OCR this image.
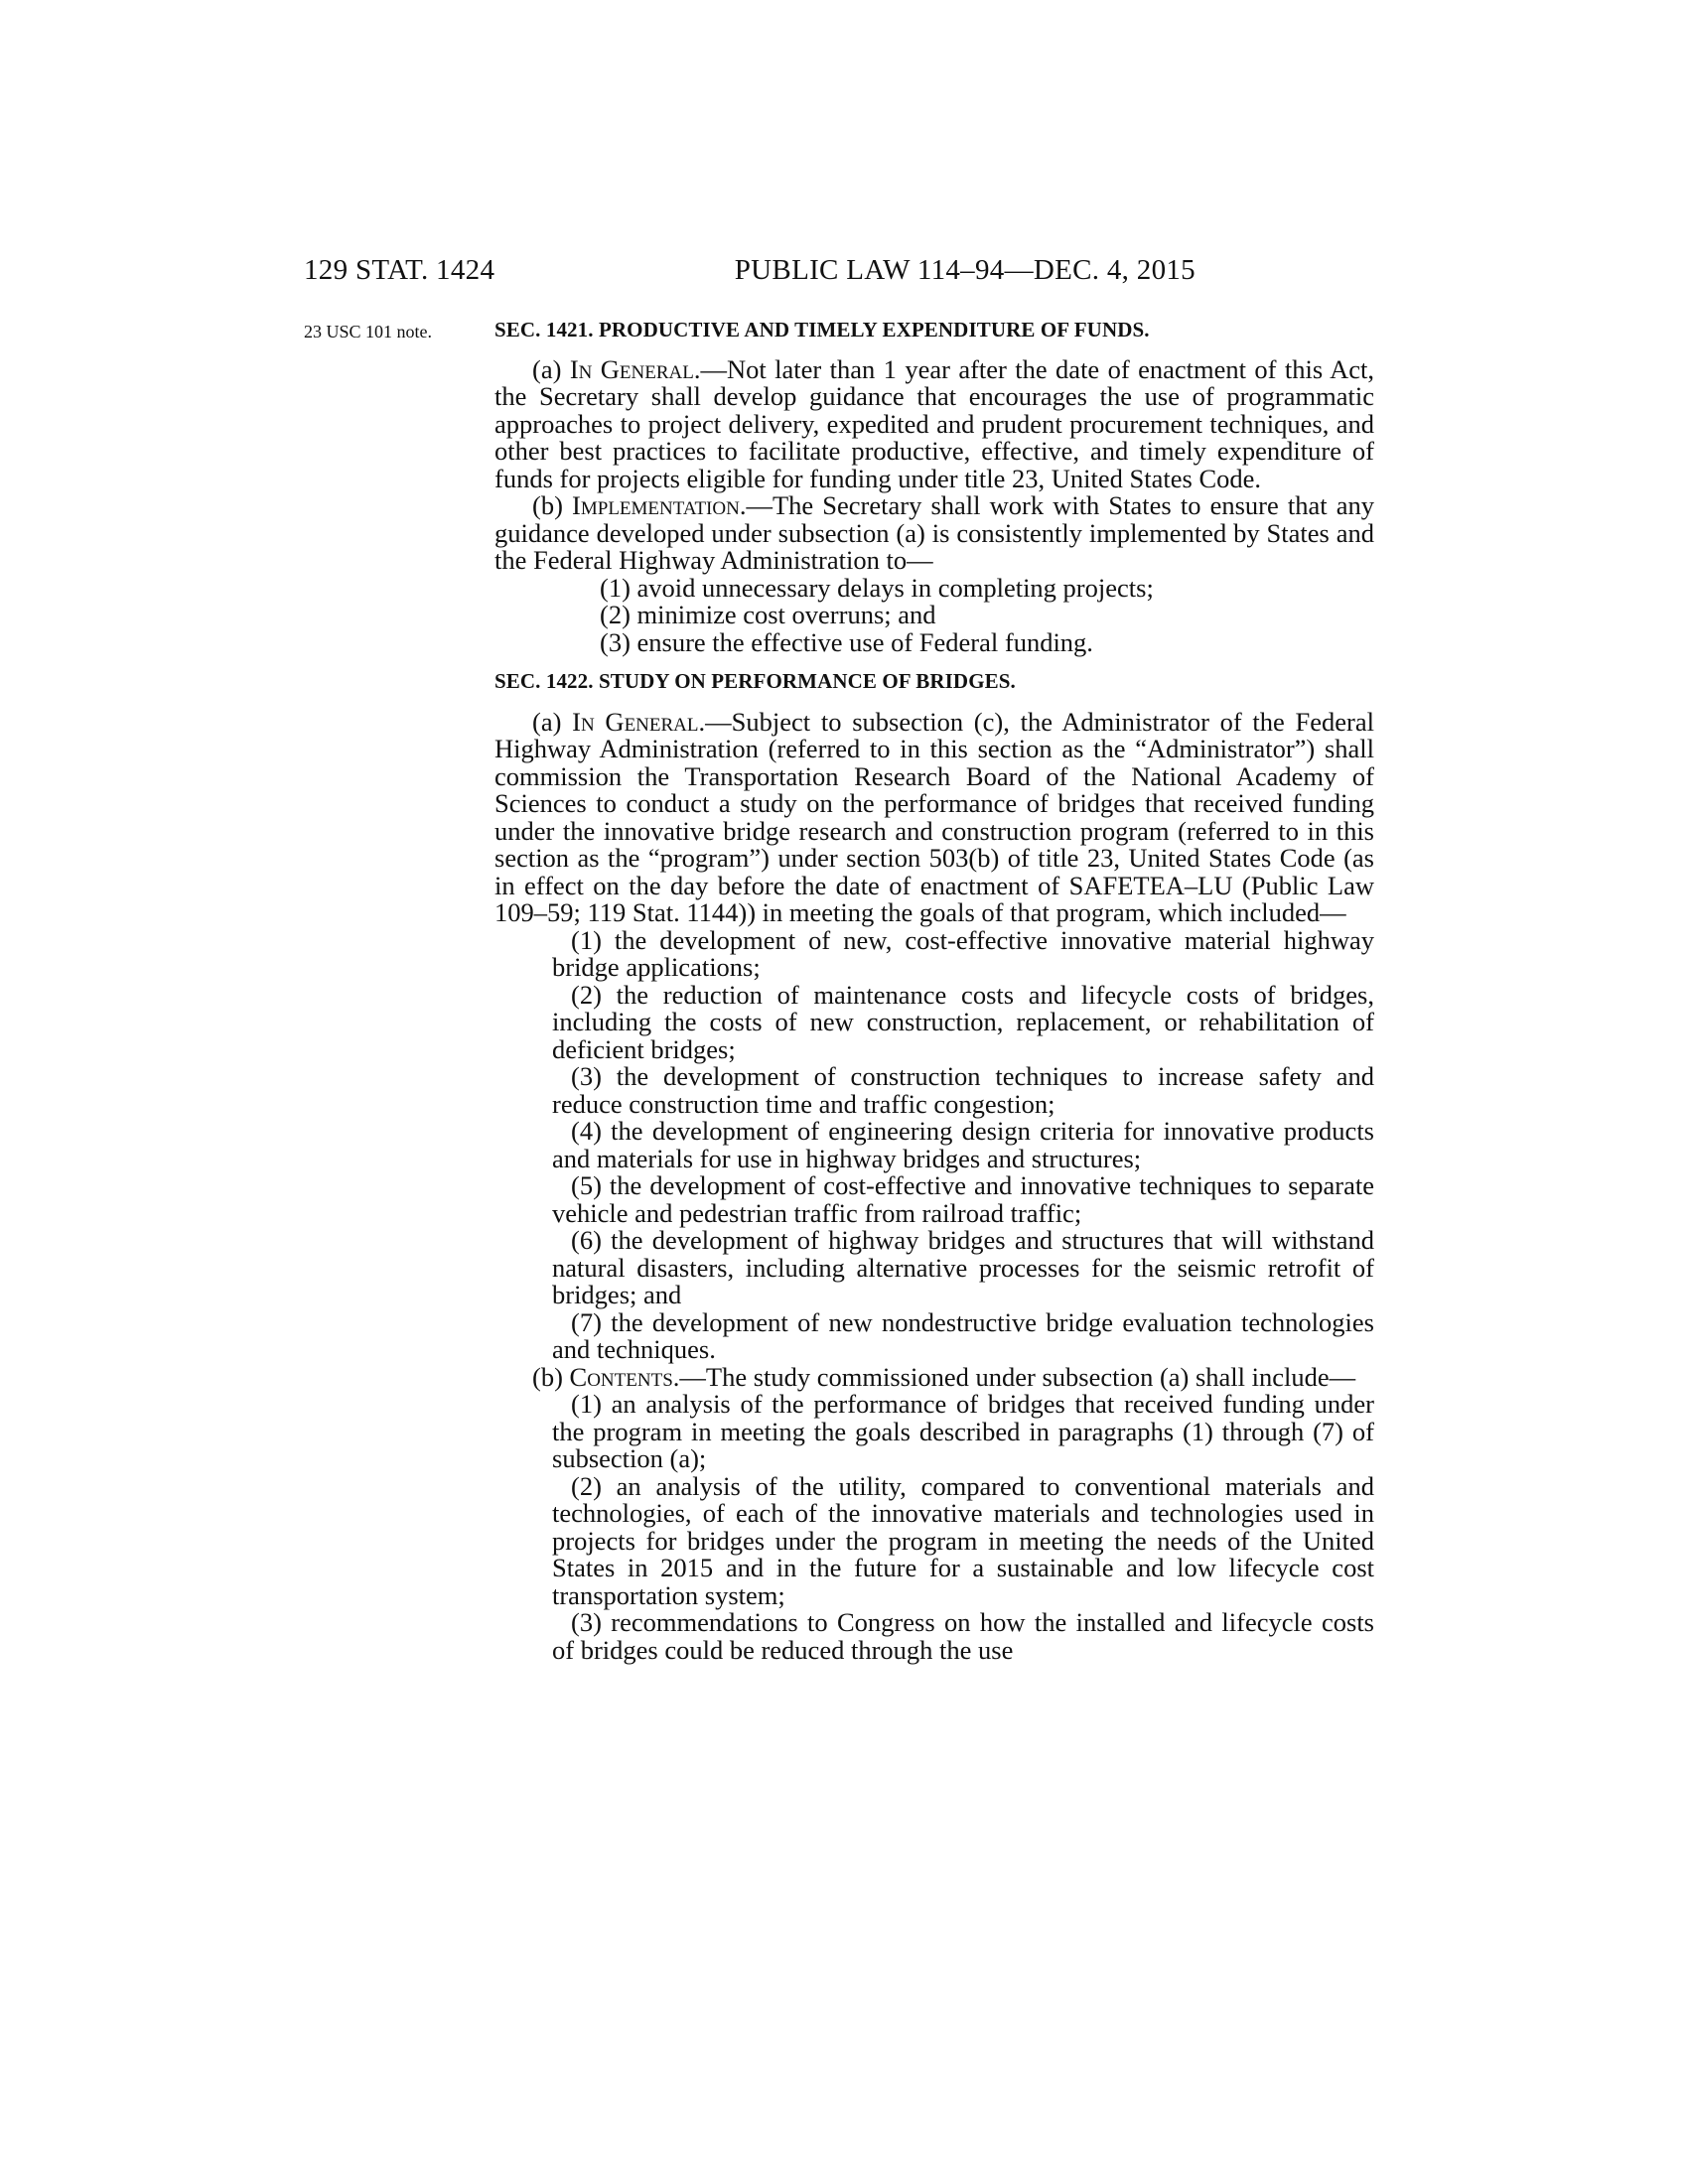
129 STAT. 1424	PUBLIC LAW 114–94—DEC. 4, 2015
23 USC 101 note.	SEC. 1421. PRODUCTIVE AND TIMELY EXPENDITURE OF FUNDS.

(a) In General.—Not later than 1 year after the date of enactment of this Act, the Secretary shall develop guidance that encourages the use of programmatic approaches to project delivery, expedited and prudent procurement techniques, and other best practices to facilitate productive, effective, and timely expenditure of funds for projects eligible for funding under title 23, United States Code.

(b) Implementation.—The Secretary shall work with States to ensure that any guidance developed under subsection (a) is consistently implemented by States and the Federal Highway Administration to—

(1) avoid unnecessary delays in completing projects;

(2) minimize cost overruns; and

(3) ensure the effective use of Federal funding.

SEC. 1422. STUDY ON PERFORMANCE OF BRIDGES.

(a) In General.—Subject to subsection (c), the Administrator of the Federal Highway Administration (referred to in this section as the “Administrator”) shall commission the Transportation Research Board of the National Academy of Sciences to conduct a study on the performance of bridges that received funding under the innovative bridge research and construction program (referred to in this section as the “program”) under section 503(b) of title 23, United States Code (as in effect on the day before the date of enactment of SAFETEA–LU (Public Law 109–59; 119 Stat. 1144)) in meeting the goals of that program, which included—

(1) the development of new, cost-effective innovative material highway bridge applications;

(2) the reduction of maintenance costs and lifecycle costs of bridges, including the costs of new construction, replacement, or rehabilitation of deficient bridges;

(3) the development of construction techniques to increase safety and reduce construction time and traffic congestion;

(4) the development of engineering design criteria for innovative products and materials for use in highway bridges and structures;

(5) the development of cost-effective and innovative techniques to separate vehicle and pedestrian traffic from railroad traffic;

(6) the development of highway bridges and structures that will withstand natural disasters, including alternative processes for the seismic retrofit of bridges; and

(7) the development of new nondestructive bridge evaluation technologies and techniques.

(b) Contents.—The study commissioned under subsection (a) shall include—

(1) an analysis of the performance of bridges that received funding under the program in meeting the goals described in paragraphs (1) through (7) of subsection (a);

(2) an analysis of the utility, compared to conventional materials and technologies, of each of the innovative materials and technologies used in projects for bridges under the program in meeting the needs of the United States in 2015 and in the future for a sustainable and low lifecycle cost transportation system;

(3) recommendations to Congress on how the installed and lifecycle costs of bridges could be reduced through the use
